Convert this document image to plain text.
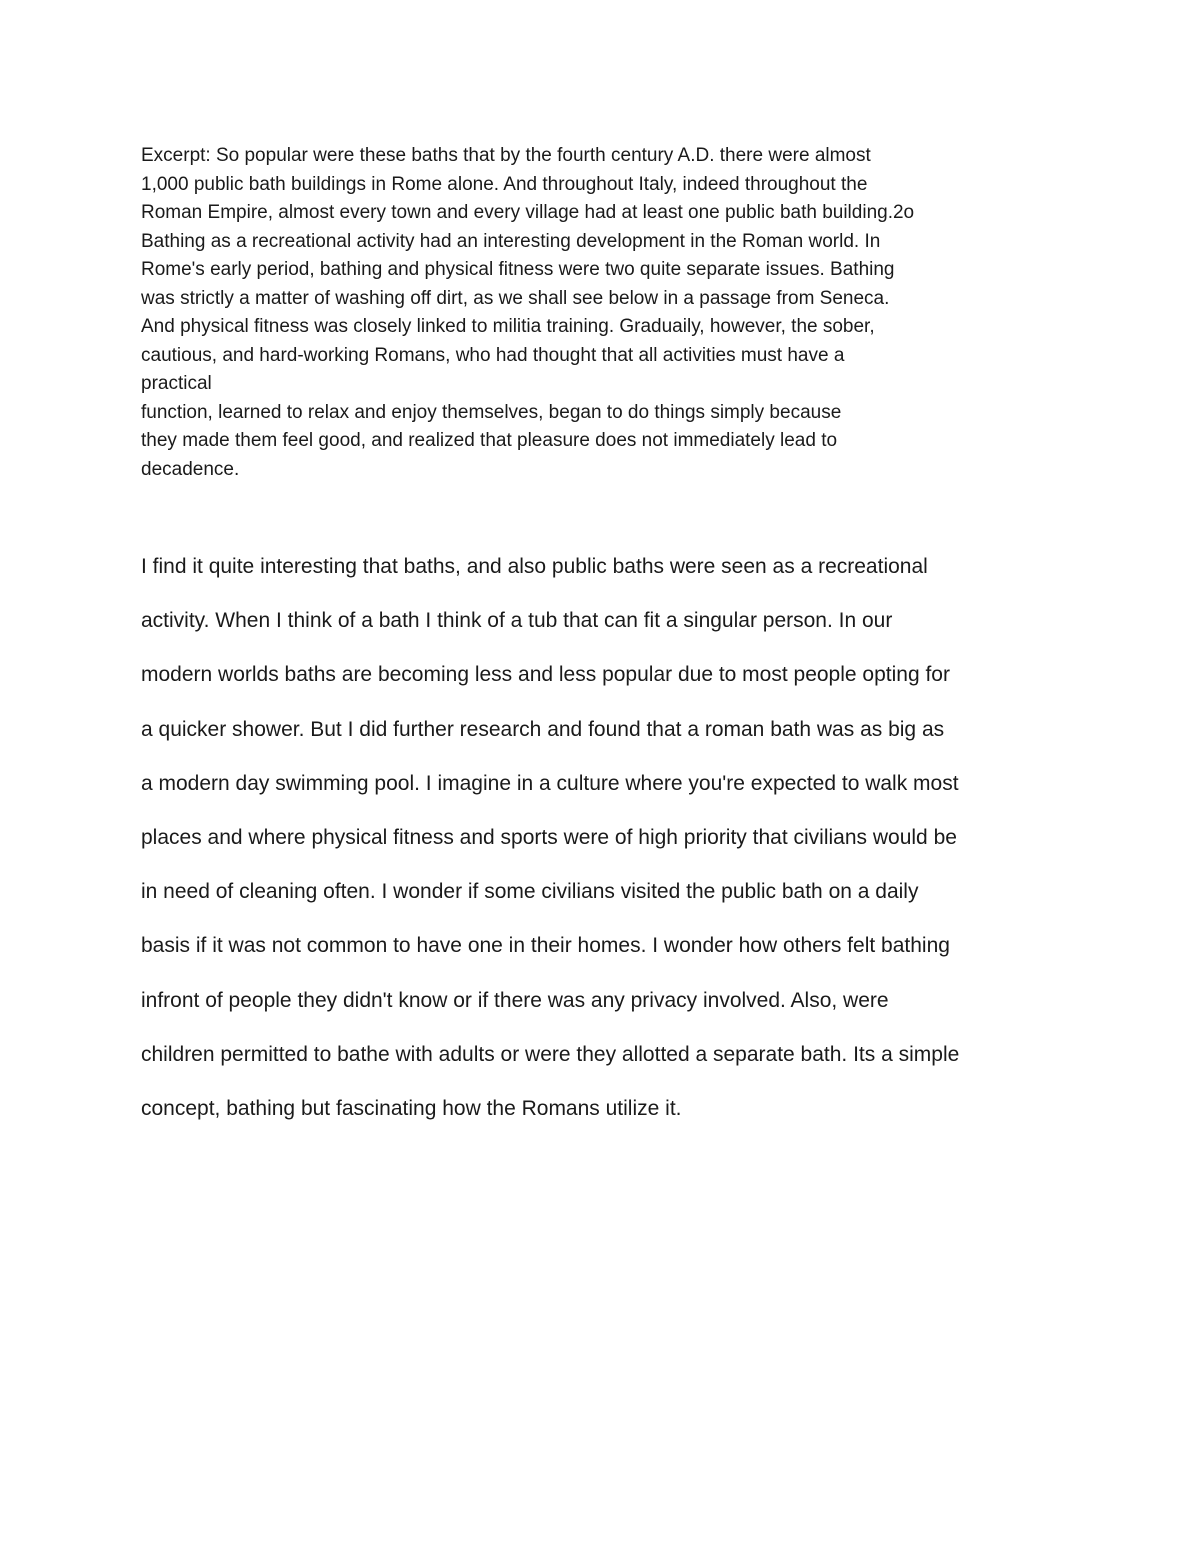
Excerpt: So popular were these baths that by the fourth century A.D. there were almost
1,000 public bath buildings in Rome alone. And throughout Italy, indeed throughout the
Roman Empire, almost every town and every village had at least one public bath building.2o
Bathing as a recreational activity had an interesting development in the Roman world. In
Rome's early period, bathing and physical fitness were two quite separate issues. Bathing
was strictly a matter of washing off dirt, as we shall see below in a passage from Seneca.
And physical fitness was closely linked to militia training. Graduaily, however, the sober,
cautious, and hard-working Romans, who had thought that all activities must have a
practical
function, learned to relax and enjoy themselves, began to do things simply because
they made them feel good, and realized that pleasure does not immediately lead to
decadence.
I find it quite interesting that baths, and also public baths were seen as a recreational
activity. When I think of a bath I think of a tub that can fit a singular person. In our
modern worlds baths are becoming less and less popular due to most people opting for
a quicker shower. But I did further research and found that a roman bath was as big as
a modern day swimming pool. I imagine in a culture where you're expected to walk most
places and where physical fitness and sports were of high priority that civilians would be
in need of cleaning often. I wonder if some civilians visited the public bath on a daily
basis if it was not common to have one in their homes. I wonder how others felt bathing
infront of people they didn't know or if there was any privacy involved. Also, were
children permitted to bathe with adults or were they allotted a separate bath. Its a simple
concept, bathing but fascinating how the Romans utilize it.
